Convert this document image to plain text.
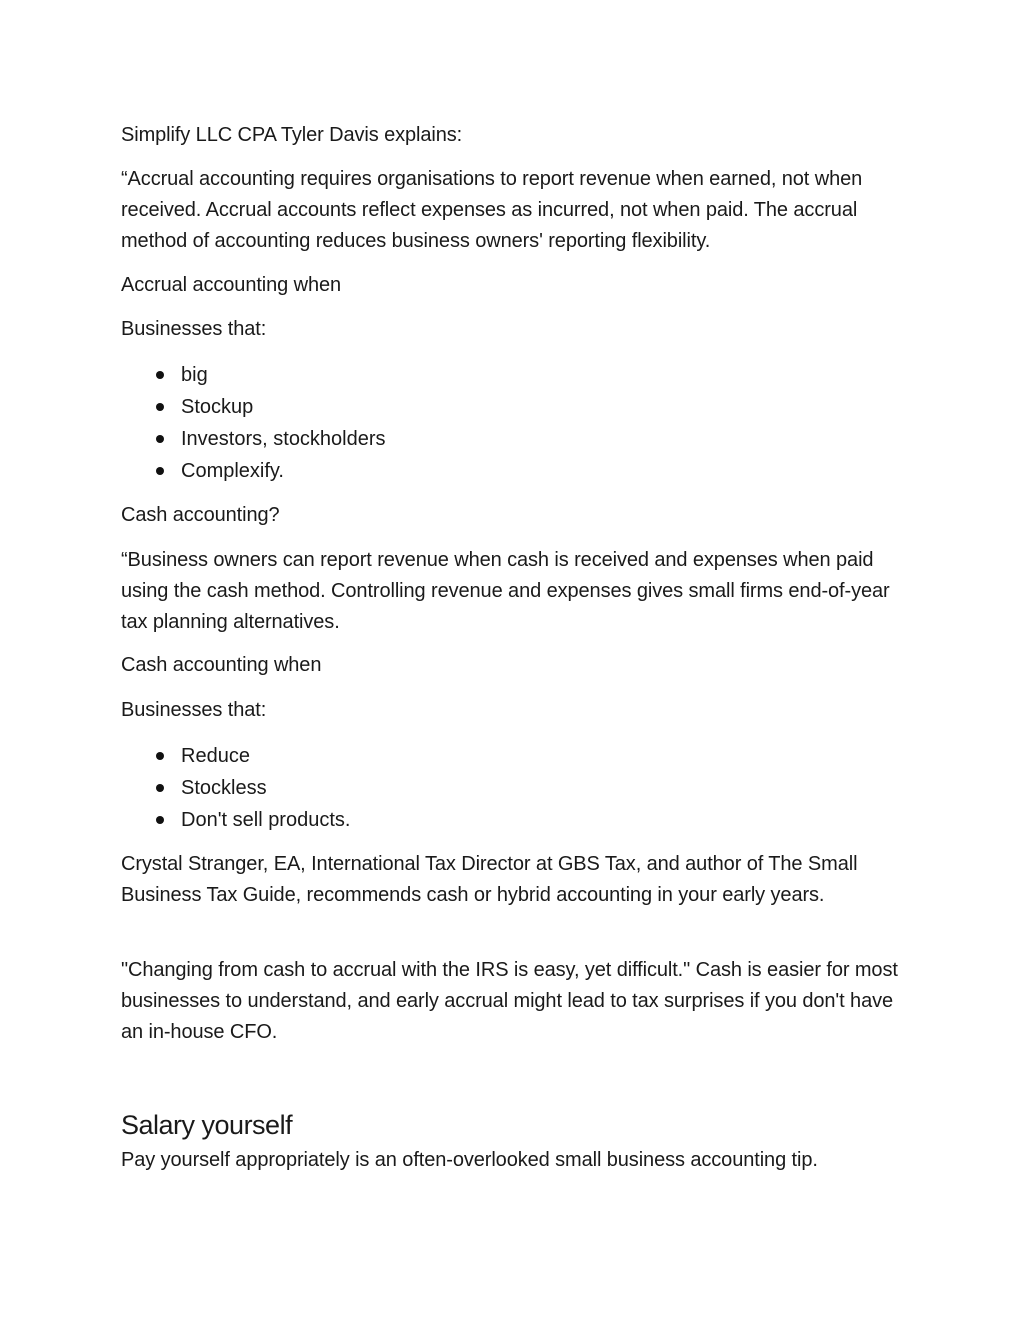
Simplify LLC CPA Tyler Davis explains:

“Accrual accounting requires organisations to report revenue when earned, not when received. Accrual accounts reflect expenses as incurred, not when paid. The accrual method of accounting reduces business owners' reporting flexibility.

Accrual accounting when

Businesses that:

big
Stockup
Investors, stockholders
Complexify.

Cash accounting?

“Business owners can report revenue when cash is received and expenses when paid using the cash method. Controlling revenue and expenses gives small firms end-of-year tax planning alternatives.

Cash accounting when

Businesses that:

Reduce
Stockless
Don't sell products.

Crystal Stranger, EA, International Tax Director at GBS Tax, and author of The Small Business Tax Guide, recommends cash or hybrid accounting in your early years.

"Changing from cash to accrual with the IRS is easy, yet difficult." Cash is easier for most businesses to understand, and early accrual might lead to tax surprises if you don't have an in-house CFO.

Salary yourself

Pay yourself appropriately is an often-overlooked small business accounting tip.
